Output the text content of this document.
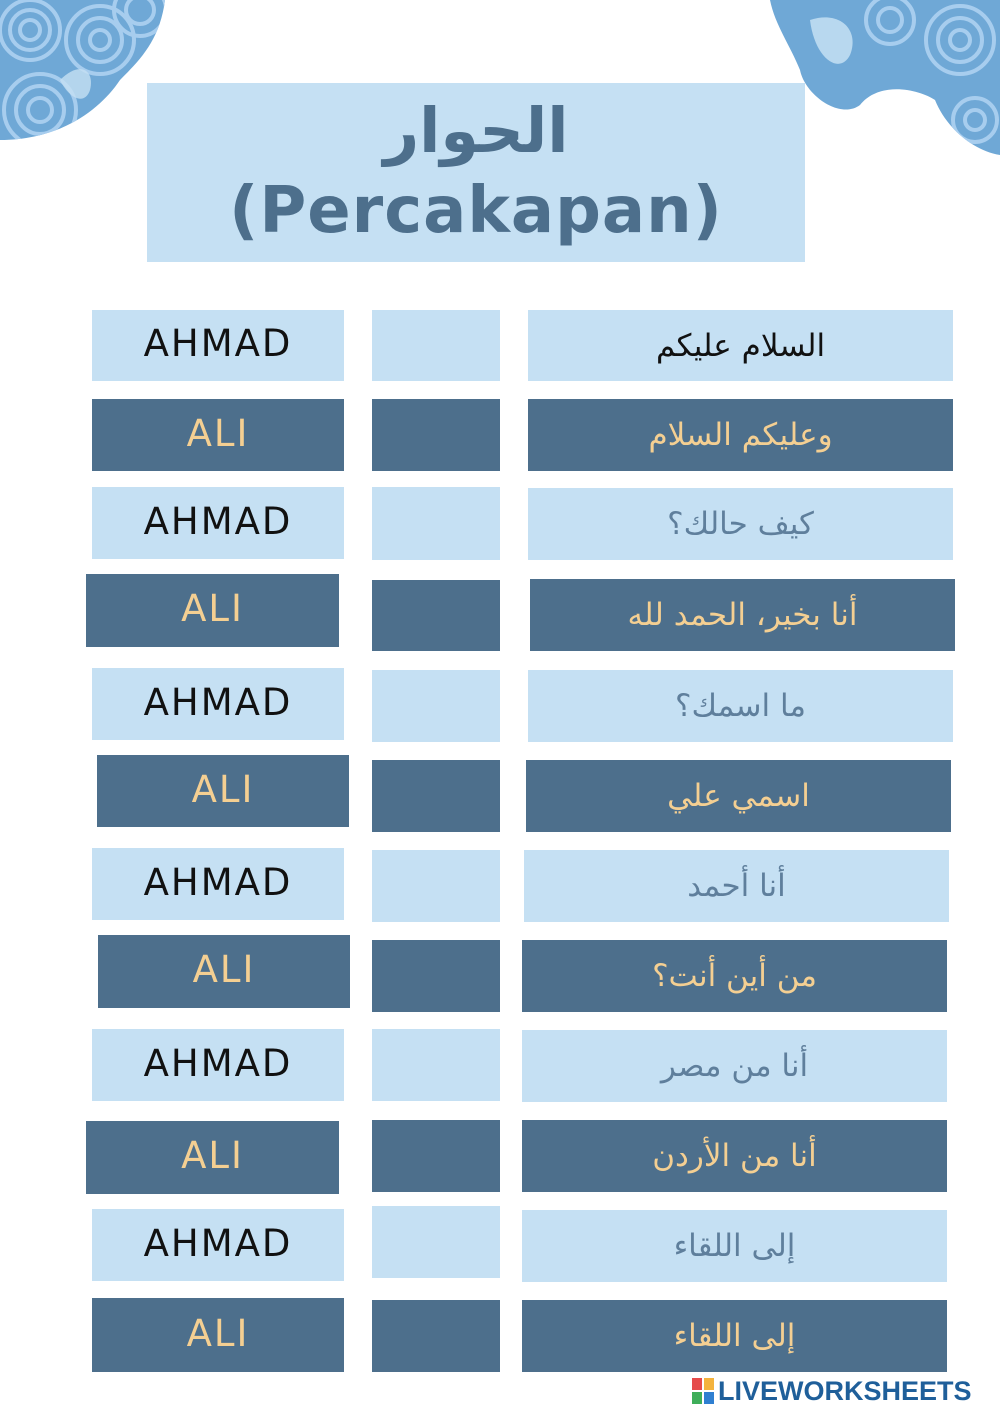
الحوار
(Percakapan)
AHMAD	السلام عليكم
ALI	وعليكم السلام
AHMAD	كيف حالك؟
ALI	أنا بخير، الحمد لله
AHMAD	ما اسمك؟
ALI	اسمي علي
AHMAD	أنا أحمد
ALI	من أين أنت؟
AHMAD	أنا من مصر
ALI	أنا من الأردن
AHMAD	إلى اللقاء
ALI	إلى اللقاء
LIVEWORKSHEETS
